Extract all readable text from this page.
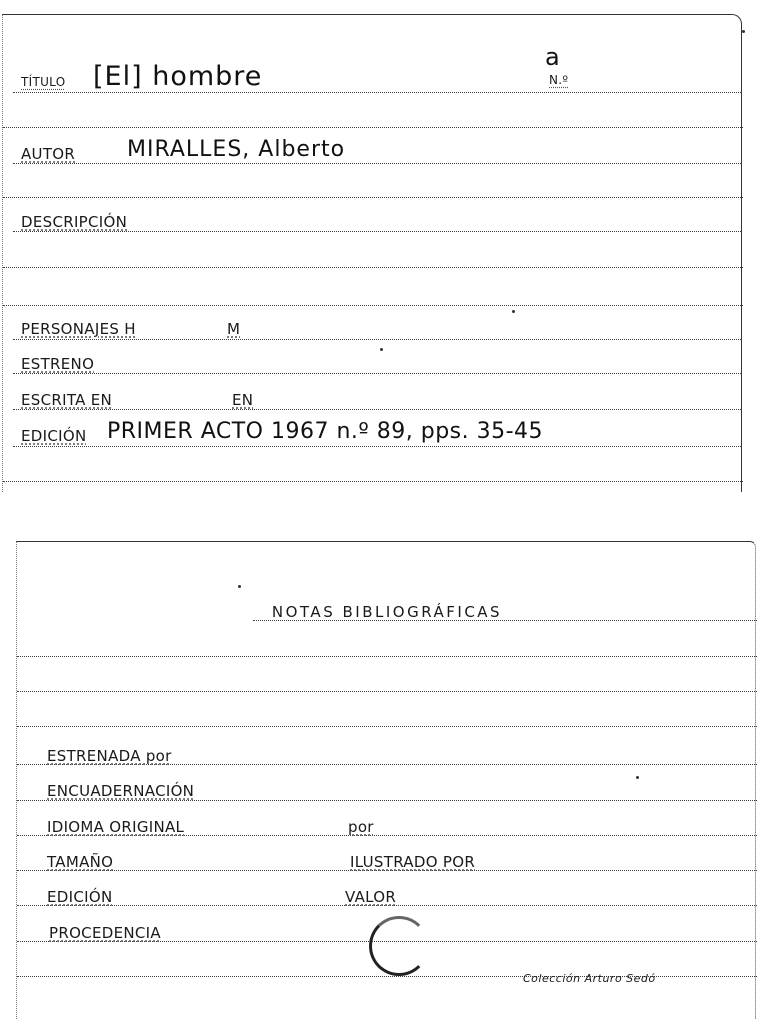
TÍTULO [El] hombre
a
N.º
AUTOR MIRALLES, Alberto
DESCRIPCIÓN
PERSONAJES H	M
ESTRENO
ESCRITA EN	EN
EDICIÓN PRIMER ACTO 1967 n.º 89, pps. 35-45
NOTAS BIBLIOGRÁFICAS
ESTRENADA por
ENCUADERNACIÓN
IDIOMA ORIGINAL	por
TAMAÑO	ILUSTRADO POR
EDICIÓN	VALOR
PROCEDENCIA
Colección Arturo Sedó
